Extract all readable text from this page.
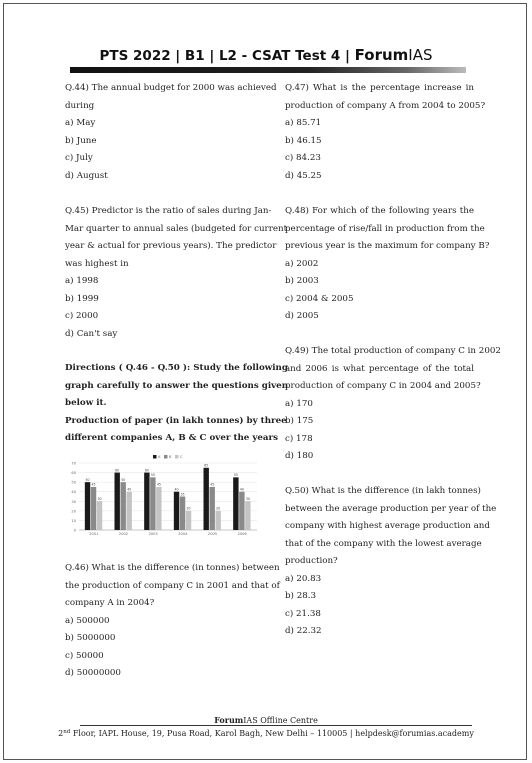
PTS 2022 | B1 | L2 - CSAT Test 4 | ForumIAS

Q.44) The annual budget for 2000 was achieved

during

a) May

b) June

c) July

d) August

Q.45) Predictor is the ratio of sales during Jan-

Mar quarter to annual sales (budgeted for current

year & actual for previous years). The predictor

was highest in

a) 1998

b) 1999

c) 2000

d) Can't say

Directions ( Q.46 - Q.50 ): Study the following

graph carefully to answer the questions given

below it.

Production of paper (in lakh tonnes) by three

different companies A, B & C over the years

0
10
20
30
40
50
60
70
50
45
30
2001
60
50
40
2002
60
55
45
2003
40
35
20
2004
65
45
20
2005
55
40
30
2006
A B C

Q.46) What is the difference (in tonnes) between

the production of company C in 2001 and that of

company A in 2004?

a) 500000

b) 5000000

c) 50000

d) 50000000

Q.47) What is the percentage increase in

production of company A from 2004 to 2005?

a) 85.71

b) 46.15

c) 84.23

d) 45.25

Q.48) For which of the following years the

percentage of rise/fall in production from the

previous year is the maximum for company B?

a) 2002

b) 2003

c) 2004 & 2005

d) 2005

Q.49) The total production of company C in 2002

and 2006 is what percentage of the total

production of company C in 2004 and 2005?

a) 170

b) 175

c) 178

d) 180

Q.50) What is the difference (in lakh tonnes)

between the average production per year of the

company with highest average production and

that of the company with the lowest average

production?

a) 20.83

b) 28.3

c) 21.38

d) 22.32

ForumIAS Offline Centre
2nd Floor, IAPL House, 19, Pusa Road, Karol Bagh, New Delhi – 110005 | helpdesk@forumias.academy
